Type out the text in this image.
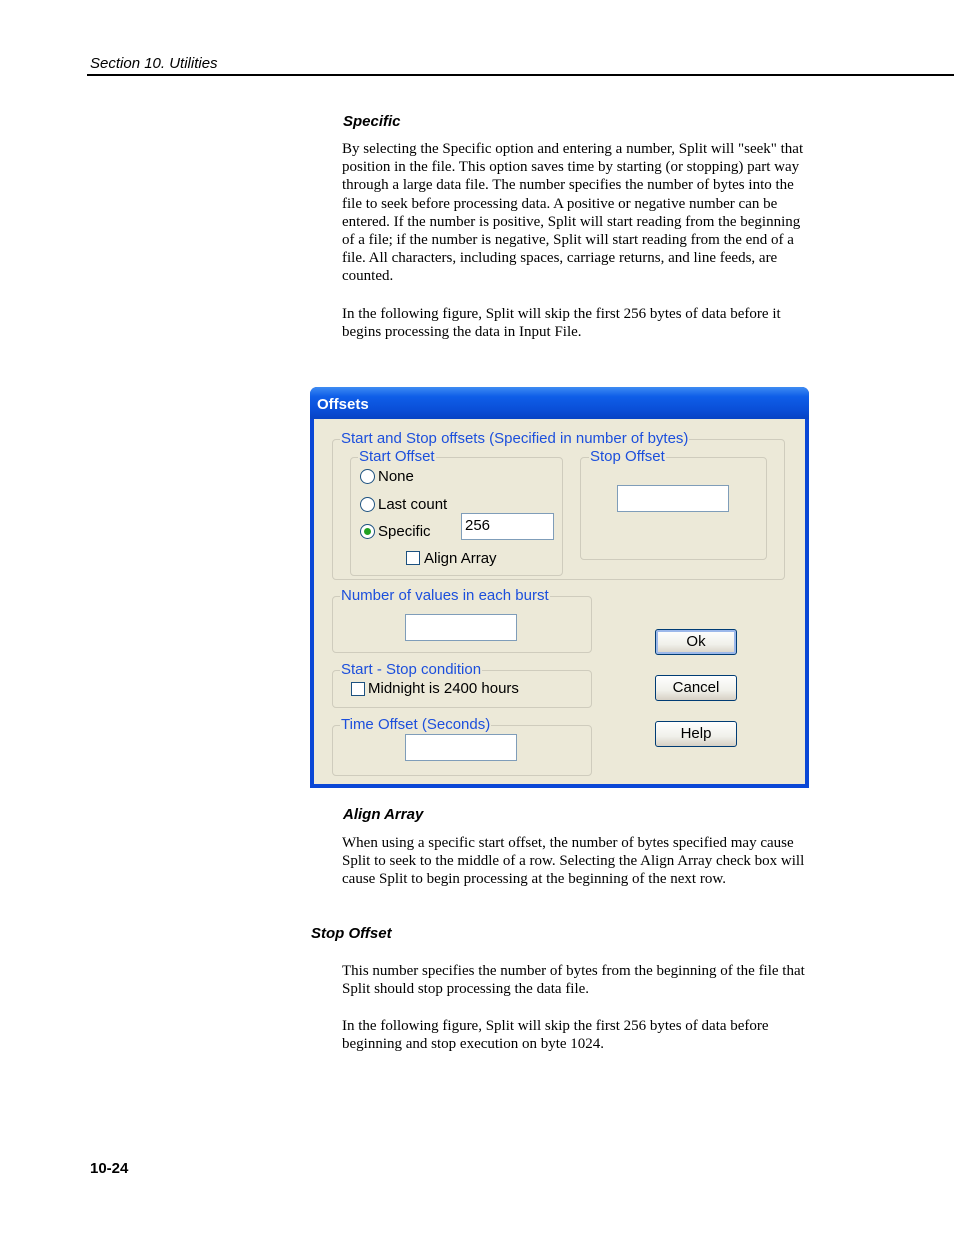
Section 10. Utilities
Specific
By selecting the Specific option and entering a number, Split will "seek" that position in the file. This option saves time by starting (or stopping) part way through a large data file. The number specifies the number of bytes into the file to seek before processing data. A positive or negative number can be entered. If the number is positive, Split will start reading from the beginning of a file; if the number is negative, Split will start reading from the end of a file. All characters, including spaces, carriage returns, and line feeds, are counted.
In the following figure, Split will skip the first 256 bytes of data before it begins processing the data in Input File.
Offsets
Start and Stop offsets (Specified in number of bytes)
Start Offset
None
Last count
Specific 256
Align Array
Stop Offset
Number of values in each burst
Start - Stop condition
Midnight is 2400 hours
Time Offset (Seconds)
Ok
Cancel
Help
Align Array
When using a specific start offset, the number of bytes specified may cause Split to seek to the middle of a row. Selecting the Align Array check box will cause Split to begin processing at the beginning of the next row.
Stop Offset
This number specifies the number of bytes from the beginning of the file that Split should stop processing the data file.
In the following figure, Split will skip the first 256 bytes of data before beginning and stop execution on byte 1024.
10-24
